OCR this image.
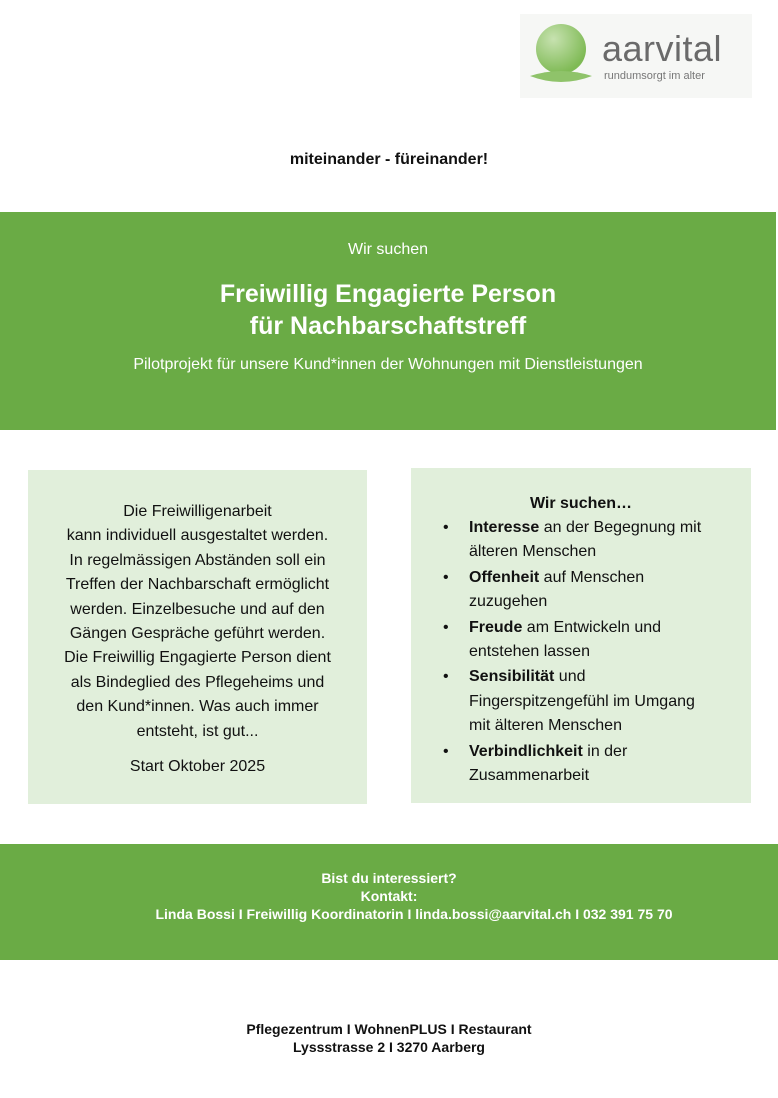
aarvital
rundumsorgt im alter
miteinander - füreinander!
Wir suchen
Freiwillig Engagierte Person
für Nachbarschaftstreff
Pilotprojekt für unsere Kund*innen der Wohnungen mit Dienstleistungen
Die Freiwilligenarbeit
kann individuell ausgestaltet werden.
In regelmässigen Abständen soll ein
Treffen der Nachbarschaft ermöglicht
werden. Einzelbesuche und auf den
Gängen Gespräche geführt werden.
Die Freiwillig Engagierte Person dient
als Bindeglied des Pflegeheims und
den Kund*innen. Was auch immer
entsteht, ist gut...
Start Oktober 2025
Wir suchen…
• Interesse an der Begegnung mit
älteren Menschen
• Offenheit auf Menschen
zuzugehen
• Freude am Entwickeln und
entstehen lassen
• Sensibilität und
Fingerspitzengefühl im Umgang
mit älteren Menschen
• Verbindlichkeit in der
Zusammenarbeit
Bist du interessiert?
Kontakt:
Linda Bossi I Freiwillig Koordinatorin I linda.bossi@aarvital.ch I 032 391 75 70
Pflegezentrum I WohnenPLUS I Restaurant
Lyssstrasse 2 I 3270 Aarberg
